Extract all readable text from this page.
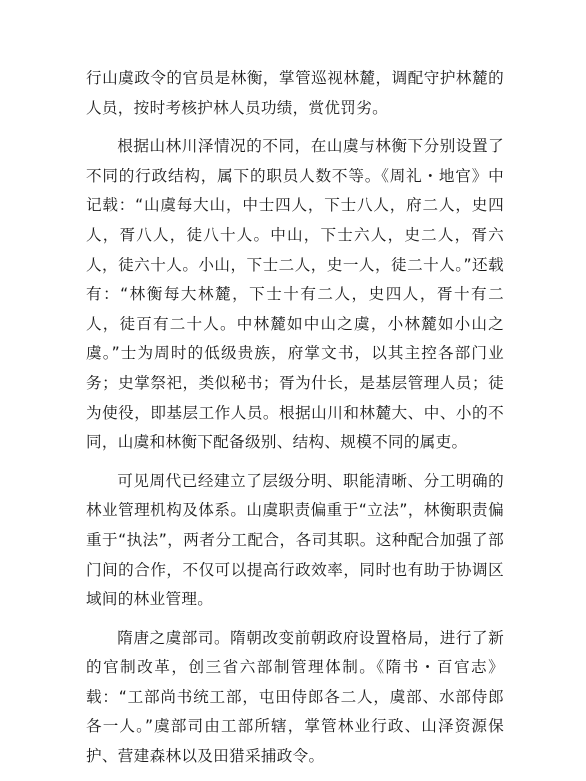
行山虞政令的官员是林衡，掌管巡视林麓，调配守护林麓的人员，按时考核护林人员功绩，赏优罚劣。

根据山林川泽情况的不同，在山虞与林衡下分别设置了不同的行政结构，属下的职员人数不等。《周礼・地官》中记载：“山虞每大山，中士四人，下士八人，府二人，史四人，胥八人，徒八十人。中山，下士六人，史二人，胥六人，徒六十人。小山，下士二人，史一人，徒二十人。”还载有：“林衡每大林麓，下士十有二人，史四人，胥十有二人，徒百有二十人。中林麓如中山之虞，小林麓如小山之虞。”士为周时的低级贵族，府掌文书，以其主控各部门业务；史掌祭祀，类似秘书；胥为什长，是基层管理人员；徒为使役，即基层工作人员。根据山川和林麓大、中、小的不同，山虞和林衡下配备级别、结构、规模不同的属吏。

可见周代已经建立了层级分明、职能清晰、分工明确的林业管理机构及体系。山虞职责偏重于“立法”，林衡职责偏重于“执法”，两者分工配合，各司其职。这种配合加强了部门间的合作，不仅可以提高行政效率，同时也有助于协调区域间的林业管理。

隋唐之虞部司。隋朝改变前朝政府设置格局，进行了新的官制改革，创三省六部制管理体制。《隋书・百官志》载：“工部尚书统工部，屯田侍郎各二人，虞部、水部侍郎各一人。”虞部司由工部所辖，掌管林业行政、山泽资源保护、营建森林以及田猎采捕政令。
